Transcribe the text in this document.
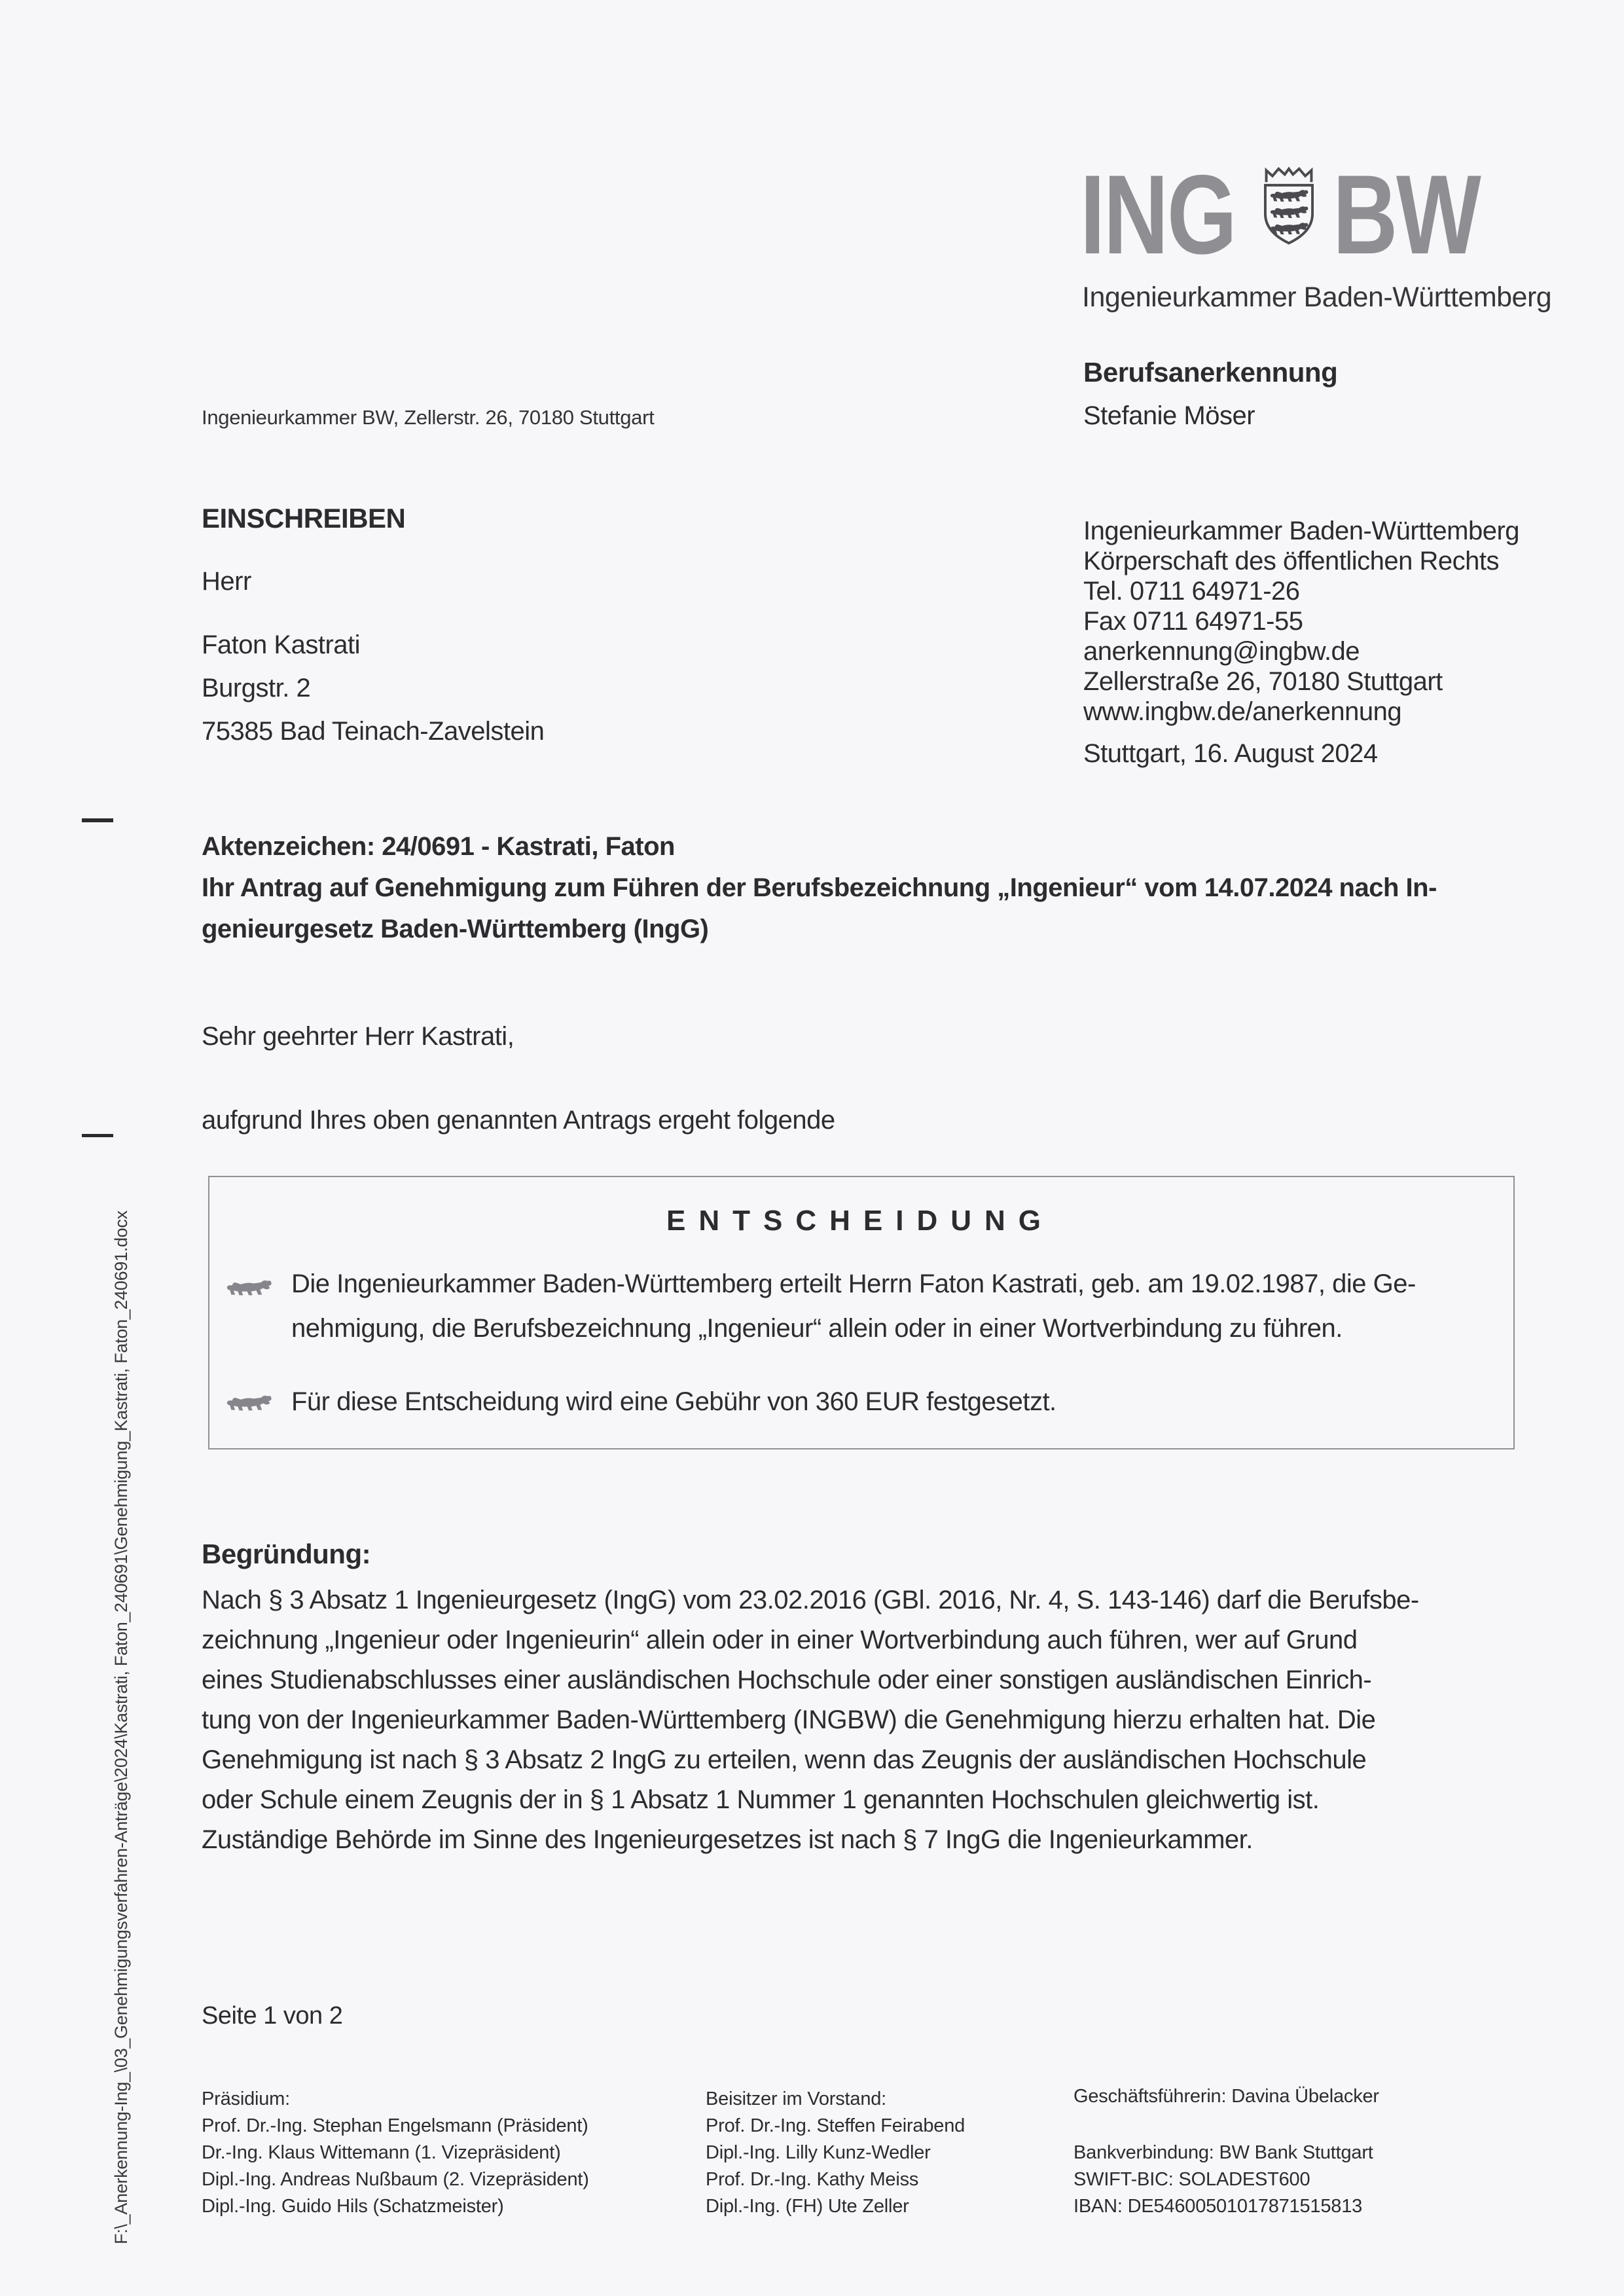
ING BW
Ingenieurkammer Baden-Württemberg
Berufsanerkennung
Stefanie Möser
Ingenieurkammer Baden-Württemberg
Körperschaft des öffentlichen Rechts
Tel. 0711 64971-26
Fax 0711 64971-55
anerkennung@ingbw.de
Zellerstraße 26, 70180 Stuttgart
www.ingbw.de/anerkennung
Ingenieurkammer BW, Zellerstr. 26, 70180 Stuttgart
EINSCHREIBEN
Herr
Faton Kastrati
Burgstr. 2
75385 Bad Teinach-Zavelstein
Stuttgart, 16. August 2024
Aktenzeichen: 24/0691 - Kastrati, Faton
Ihr Antrag auf Genehmigung zum Führen der Berufsbezeichnung „Ingenieur“ vom 14.07.2024 nach In-
genieurgesetz Baden-Württemberg (IngG)
Sehr geehrter Herr Kastrati,
aufgrund Ihres oben genannten Antrags ergeht folgende
ENTSCHEIDUNG
Die Ingenieurkammer Baden-Württemberg erteilt Herrn Faton Kastrati, geb. am 19.02.1987, die Ge-
nehmigung, die Berufsbezeichnung „Ingenieur“ allein oder in einer Wortverbindung zu führen.
Für diese Entscheidung wird eine Gebühr von 360 EUR festgesetzt.
Begründung:
Nach § 3 Absatz 1 Ingenieurgesetz (IngG) vom 23.02.2016 (GBl. 2016, Nr. 4, S. 143-146) darf die Berufsbe-
zeichnung „Ingenieur oder Ingenieurin“ allein oder in einer Wortverbindung auch führen, wer auf Grund
eines Studienabschlusses einer ausländischen Hochschule oder einer sonstigen ausländischen Einrich-
tung von der Ingenieurkammer Baden-Württemberg (INGBW) die Genehmigung hierzu erhalten hat. Die
Genehmigung ist nach § 3 Absatz 2 IngG zu erteilen, wenn das Zeugnis der ausländischen Hochschule
oder Schule einem Zeugnis der in § 1 Absatz 1 Nummer 1 genannten Hochschulen gleichwertig ist.
Zuständige Behörde im Sinne des Ingenieurgesetzes ist nach § 7 IngG die Ingenieurkammer.
Seite 1 von 2
Präsidium:
Prof. Dr.-Ing. Stephan Engelsmann (Präsident)
Dr.-Ing. Klaus Wittemann (1. Vizepräsident)
Dipl.-Ing. Andreas Nußbaum (2. Vizepräsident)
Dipl.-Ing. Guido Hils (Schatzmeister)
Beisitzer im Vorstand:
Prof. Dr.-Ing. Steffen Feirabend
Dipl.-Ing. Lilly Kunz-Wedler
Prof. Dr.-Ing. Kathy Meiss
Dipl.-Ing. (FH) Ute Zeller
Geschäftsführerin: Davina Übelacker
Bankverbindung: BW Bank Stuttgart
SWIFT-BIC: SOLADEST600
IBAN: DE54600501017871515813
F:\_Anerkennung-Ing_\03_Genehmigungsverfahren-Anträge\2024\Kastrati, Faton_240691\Genehmigung_Kastrati, Faton_240691.docx
